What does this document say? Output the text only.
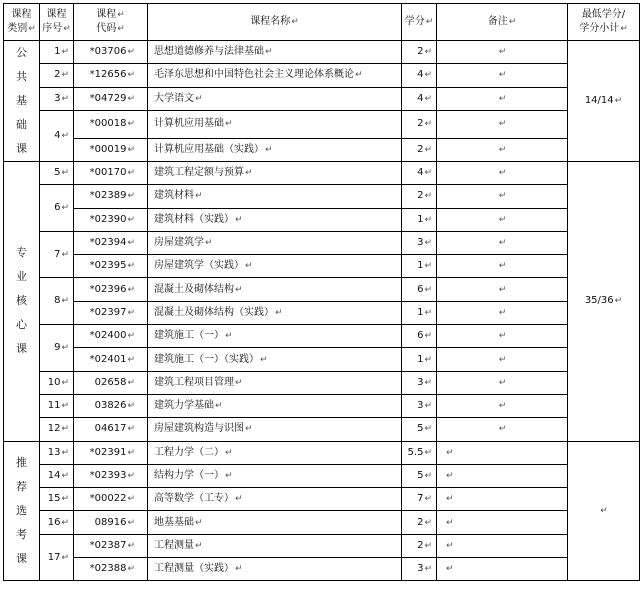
课程
类别↵	课程
序号↵	课程↵
代码↵	课程名称↵	学分↵	备注↵	最低学分/
学分小计↵

公共基础课	1↵	*03706↵	思想道德修养与法律基础↵	2↵	↵	14/14↵
	2↵	*12656↵	毛泽东思想和中国特色社会主义理论体系概论↵	4↵	↵	
	3↵	*04729↵	大学语文↵	4↵	↵	
	4↵	*00018↵	计算机应用基础↵	2↵	↵	
		*00019↵	计算机应用基础（实践）↵	2↵	↵	

专业核心课	5↵	*00170↵	建筑工程定额与预算↵	4↵	↵	35/36↵
	6↵	*02389↵	建筑材料↵	2↵	↵	
		*02390↵	建筑材料（实践）↵	1↵	↵	
	7↵	*02394↵	房屋建筑学↵	3↵	↵	
		*02395↵	房屋建筑学（实践）↵	1↵	↵	
	8↵	*02396↵	混凝土及砌体结构↵	6↵	↵	
		*02397↵	混凝土及砌体结构（实践）↵	1↵	↵	
	9↵	*02400↵	建筑施工（一）↵	6↵	↵	
		*02401↵	建筑施工（一）（实践）↵	1↵	↵	
	10↵	02658↵	建筑工程项目管理↵	3↵	↵	
	11↵	03826↵	建筑力学基础↵	3↵	↵	
	12↵	04617↵	房屋建筑构造与识图↵	5↵	↵	

推荐选考课	13↵	*02391↵	工程力学（二）↵	5.5↵	↵	↵
	14↵	*02393↵	结构力学（一）↵	5↵	↵	
	15↵	*00022↵	高等数学（工专）↵	7↵	↵	
	16↵	08916↵	地基基础↵	2↵	↵	
	17↵	*02387↵	工程测量↵	2↵	↵	
		*02388↵	工程测量（实践）↵	3↵	↵	
